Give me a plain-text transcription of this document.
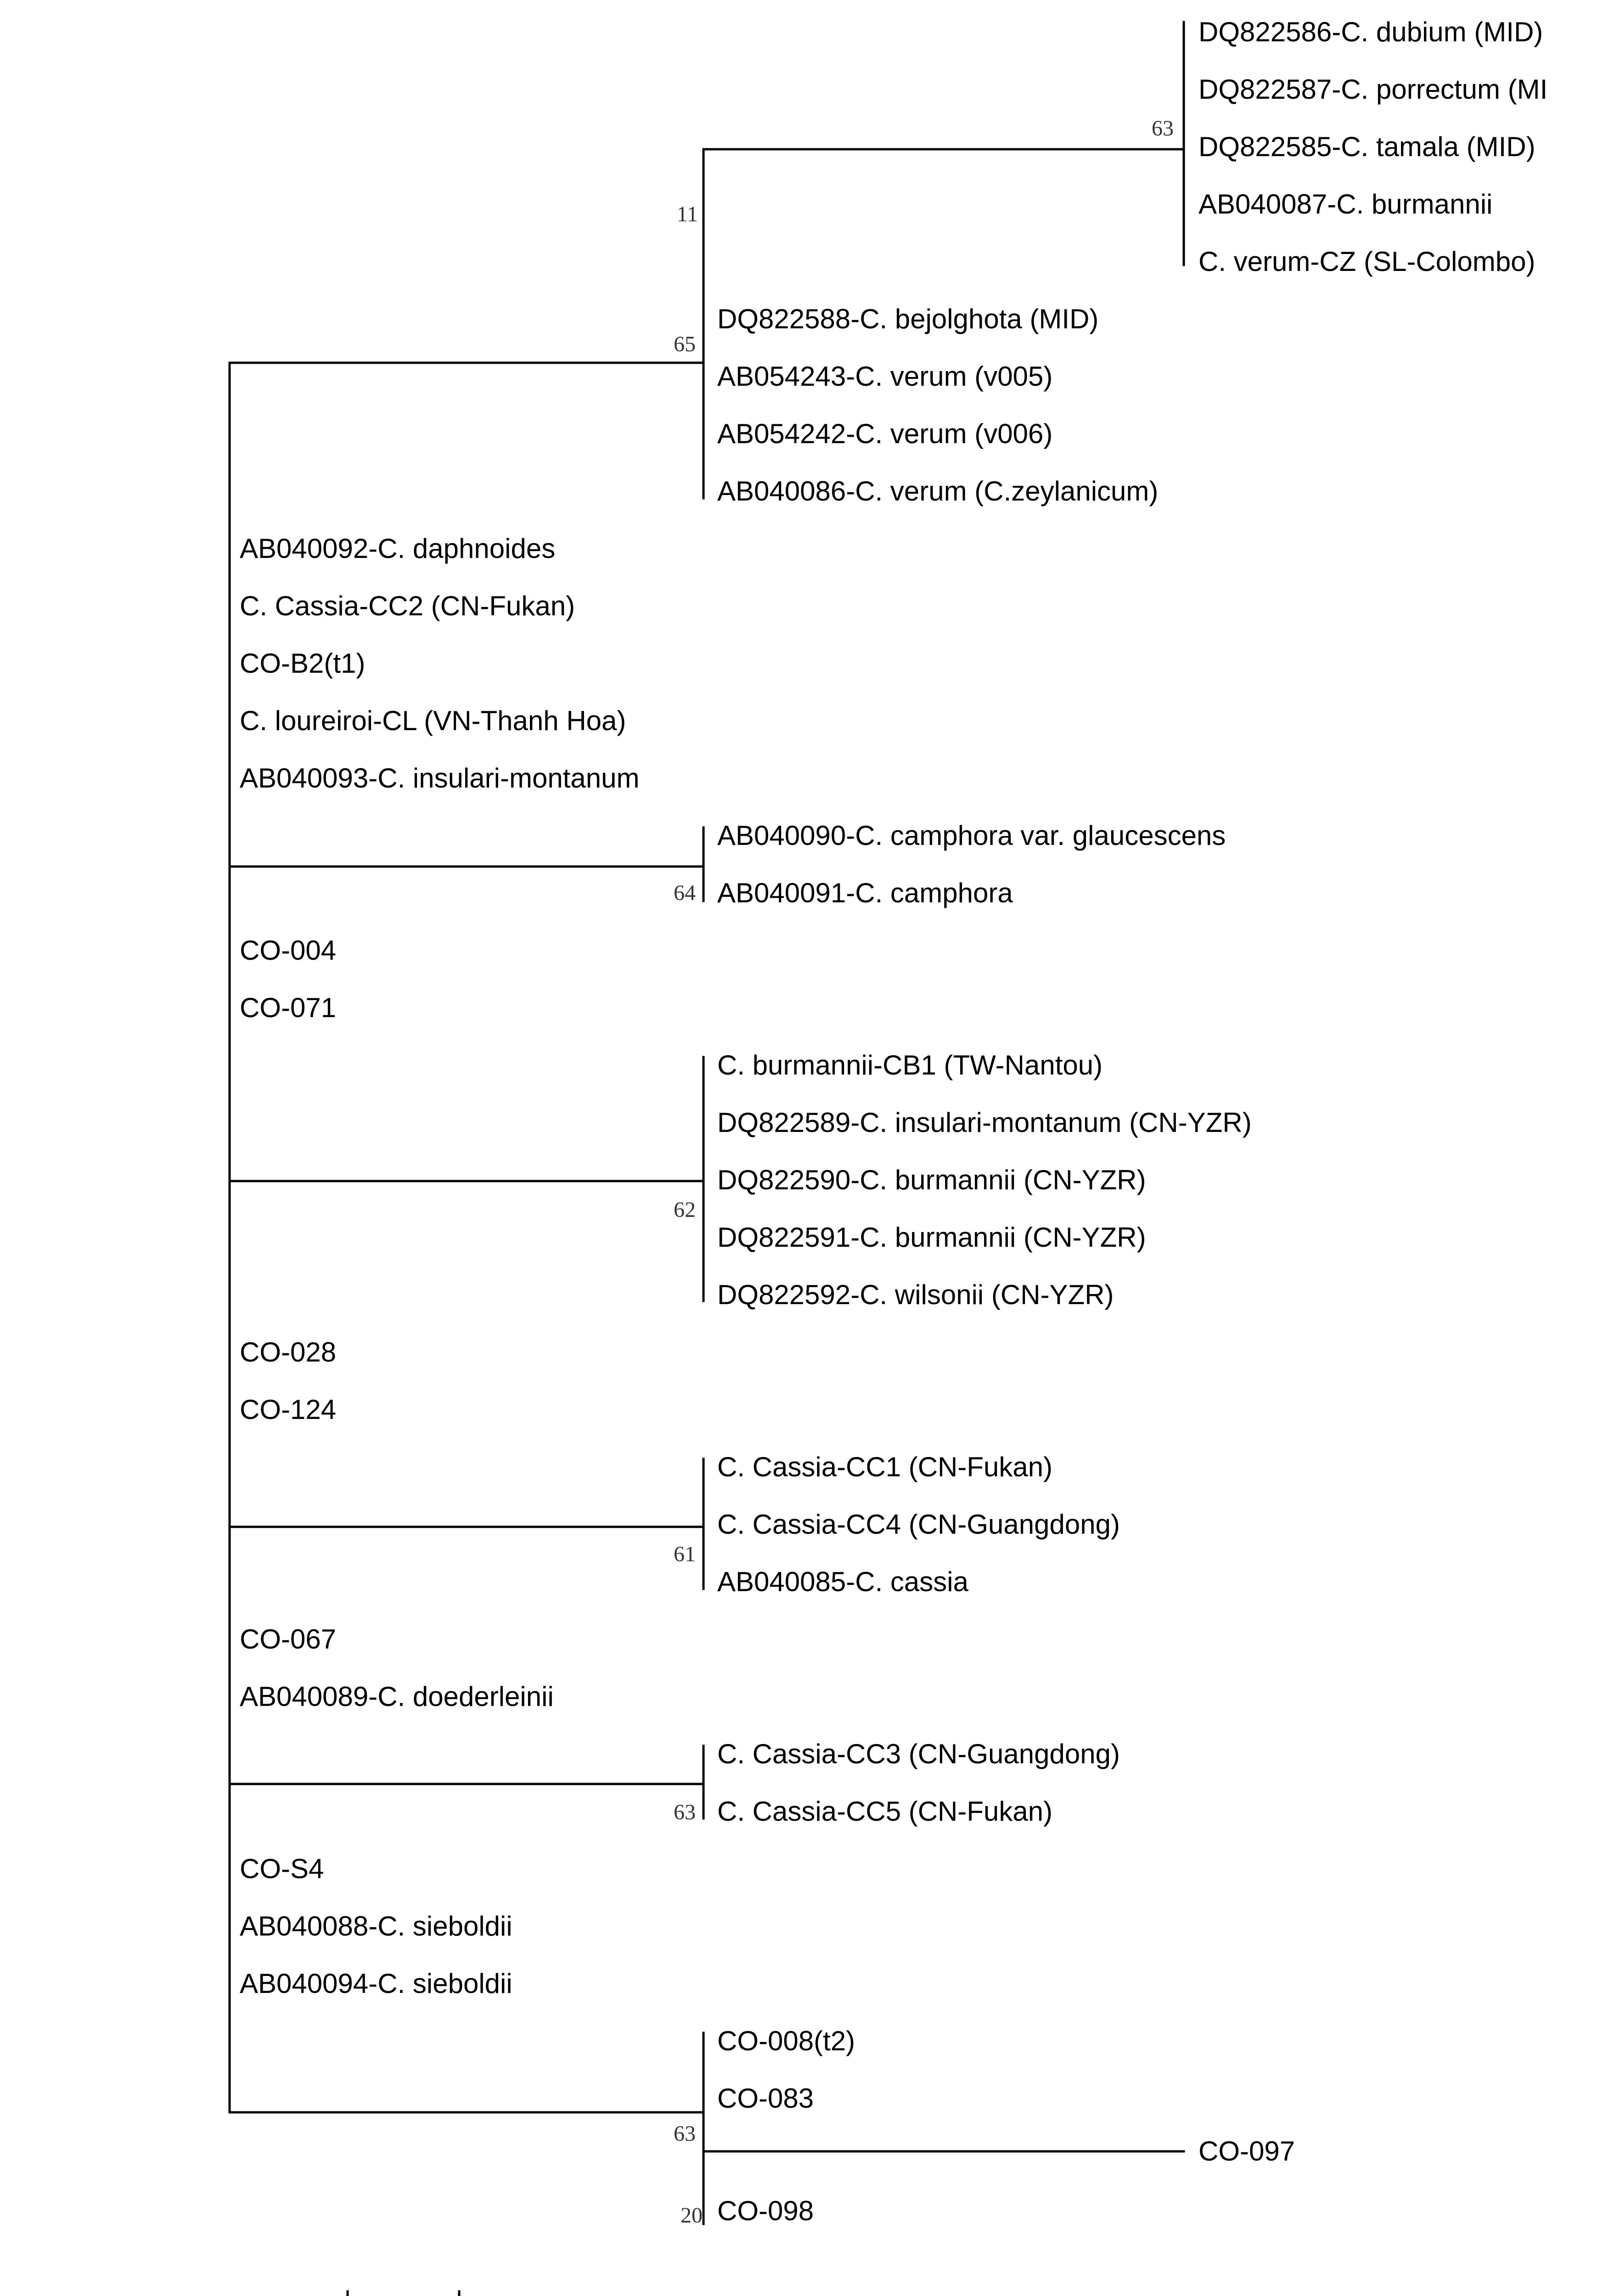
DQ822586-C. dubium (MID)
DQ822587-C. porrectum (MI
DQ822585-C. tamala (MID)
AB040087-C. burmannii
C. verum-CZ (SL-Colombo)
DQ822588-C. bejolghota (MID)
AB054243-C. verum (v005)
AB054242-C. verum (v006)
AB040086-C. verum (C.zeylanicum)
AB040092-C. daphnoides
C. Cassia-CC2 (CN-Fukan)
CO-B2(t1)
C. loureiroi-CL (VN-Thanh Hoa)
AB040093-C. insulari-montanum
AB040090-C. camphora var. glaucescens
AB040091-C. camphora
CO-004
CO-071
C. burmannii-CB1 (TW-Nantou)
DQ822589-C. insulari-montanum (CN-YZR)
DQ822590-C. burmannii (CN-YZR)
DQ822591-C. burmannii (CN-YZR)
DQ822592-C. wilsonii (CN-YZR)
CO-028
CO-124
C. Cassia-CC1 (CN-Fukan)
C. Cassia-CC4 (CN-Guangdong)
AB040085-C. cassia
CO-067
AB040089-C. doederleinii
C. Cassia-CC3 (CN-Guangdong)
C. Cassia-CC5 (CN-Fukan)
CO-S4
AB040088-C. sieboldii
AB040094-C. sieboldii
CO-008(t2)
CO-083
CO-097
CO-098
63
11
65
64
62
61
63
63
20
